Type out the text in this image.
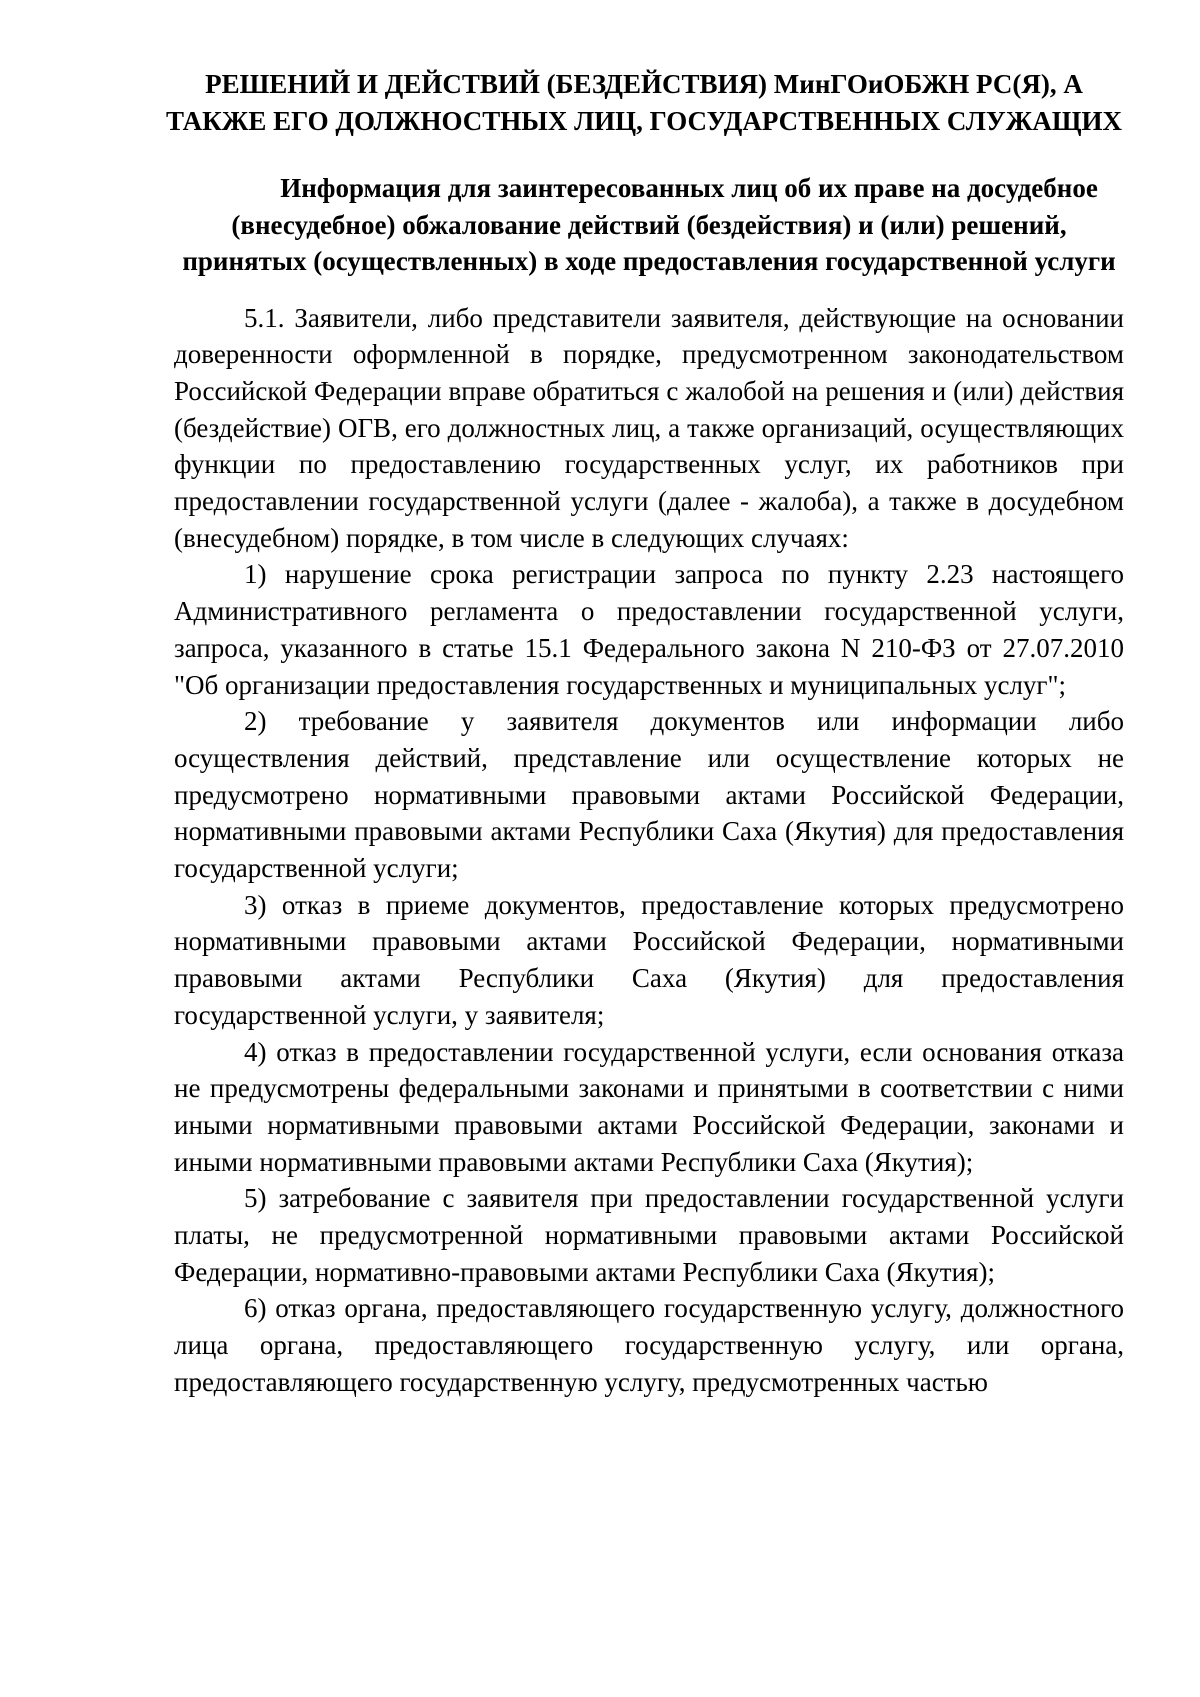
РЕШЕНИЙ И ДЕЙСТВИЙ (БЕЗДЕЙСТВИЯ) МинГОиОБЖН РС(Я), А ТАКЖЕ ЕГО ДОЛЖНОСТНЫХ ЛИЦ, ГОСУДАРСТВЕННЫХ СЛУЖАЩИХ
Информация для заинтересованных лиц об их праве на досудебное (внесудебное) обжалование действий (бездействия) и (или) решений, принятых (осуществленных) в ходе предоставления государственной услуги

5.1. Заявители, либо представители заявителя, действующие на основании доверенности оформленной в порядке, предусмотренном законодательством Российской Федерации вправе обратиться с жалобой на решения и (или) действия (бездействие) ОГВ, его должностных лиц, а также организаций, осуществляющих функции по предоставлению государственных услуг, их работников при предоставлении государственной услуги (далее - жалоба), а также в досудебном (внесудебном) порядке, в том числе в следующих случаях:

1) нарушение срока регистрации запроса по пункту 2.23 настоящего Административного регламента о предоставлении государственной услуги, запроса, указанного в статье 15.1 Федерального закона N 210-ФЗ от 27.07.2010 "Об организации предоставления государственных и муниципальных услуг";

2) требование у заявителя документов или информации либо осуществления действий, представление или осуществление которых не предусмотрено нормативными правовыми актами Российской Федерации, нормативными правовыми актами Республики Саха (Якутия) для предоставления государственной услуги;

3) отказ в приеме документов, предоставление которых предусмотрено нормативными правовыми актами Российской Федерации, нормативными правовыми актами Республики Саха (Якутия) для предоставления государственной услуги, у заявителя;

4) отказ в предоставлении государственной услуги, если основания отказа не предусмотрены федеральными законами и принятыми в соответствии с ними иными нормативными правовыми актами Российской Федерации, законами и иными нормативными правовыми актами Республики Саха (Якутия);

5) затребование с заявителя при предоставлении государственной услуги платы, не предусмотренной нормативными правовыми актами Российской Федерации, нормативно-правовыми актами Республики Саха (Якутия);

6) отказ органа, предоставляющего государственную услугу, должностного лица органа, предоставляющего государственную услугу, или органа, предоставляющего государственную услугу, предусмотренных частью
